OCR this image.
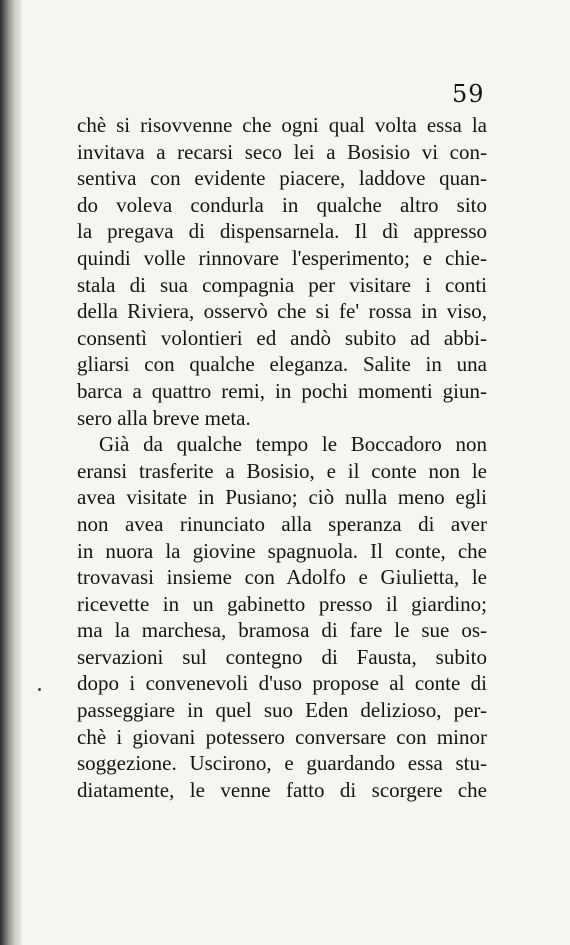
59
chè si risovvenne che ogni qual volta essa la
invitava a recarsi seco lei a Bosisio vi con-
sentiva con evidente piacere, laddove quan-
do voleva condurla in qualche altro sito
la pregava di dispensarnela. Il dì appresso
quindi volle rinnovare l'esperimento; e chie-
stala di sua compagnia per visitare i conti
della Riviera, osservò che si fe' rossa in viso,
consentì volontieri ed andò subito ad abbi-
gliarsi con qualche eleganza. Salite in una
barca a quattro remi, in pochi momenti giun-
sero alla breve meta.
Già da qualche tempo le Boccadoro non
eransi trasferite a Bosisio, e il conte non le
avea visitate in Pusiano; ciò nulla meno egli
non avea rinunciato alla speranza di aver
in nuora la giovine spagnuola. Il conte, che
trovavasi insieme con Adolfo e Giulietta, le
ricevette in un gabinetto presso il giardino;
ma la marchesa, bramosa di fare le sue os-
servazioni sul contegno di Fausta, subito
dopo i convenevoli d'uso propose al conte di
passeggiare in quel suo Eden delizioso, per-
chè i giovani potessero conversare con minor
soggezione. Uscirono, e guardando essa stu-
diatamente, le venne fatto di scorgere che
